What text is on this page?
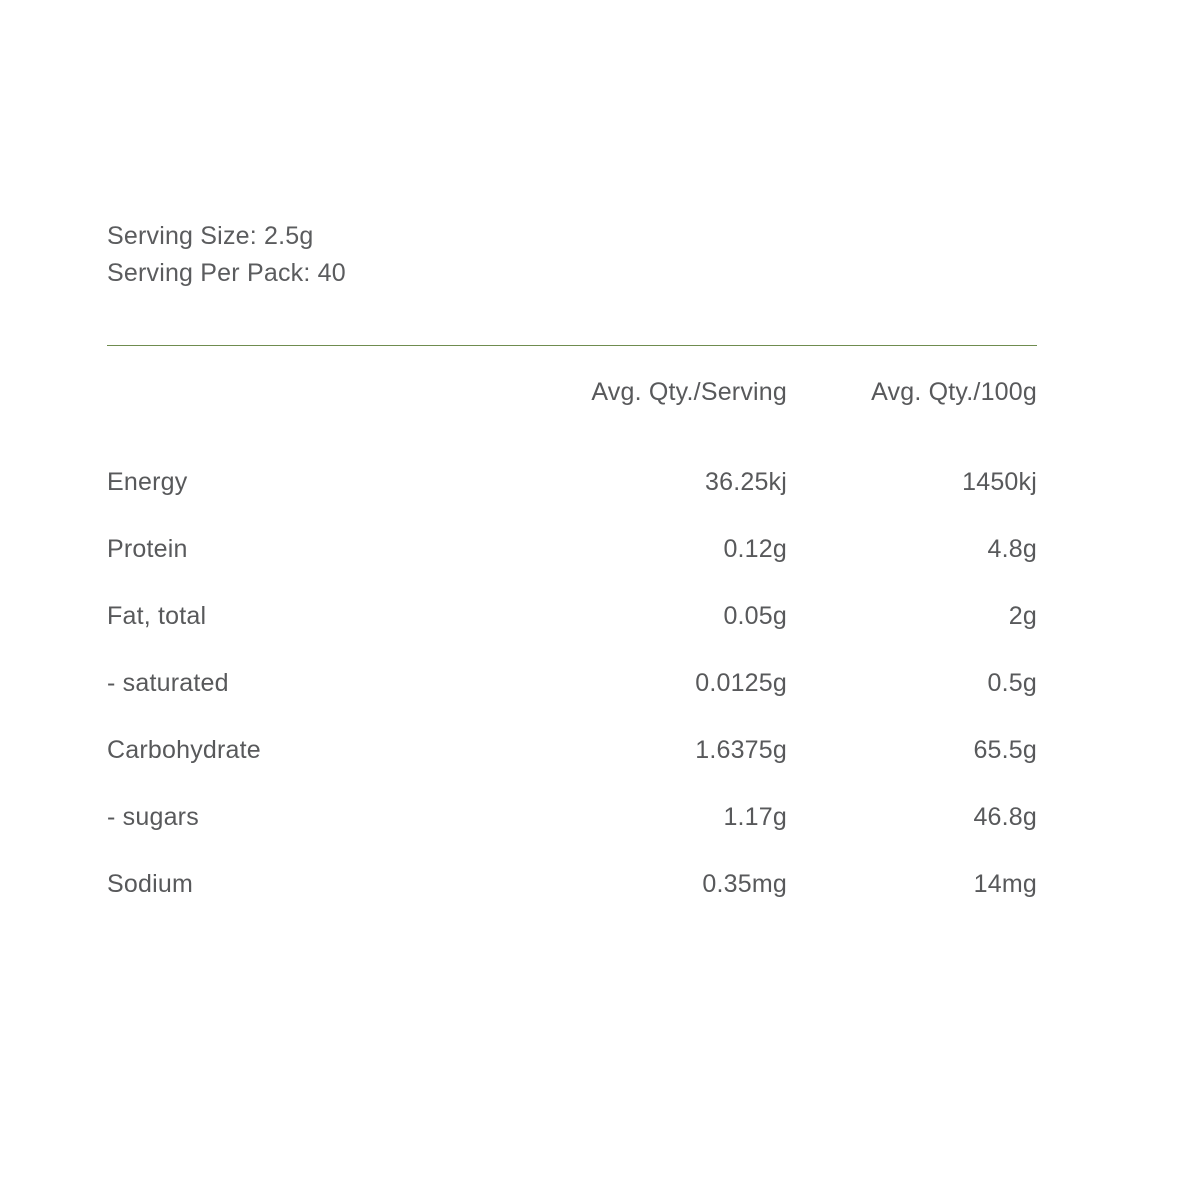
Serving Size: 2.5g
Serving Per Pack: 40
	Avg. Qty./Serving	Avg. Qty./100g
Energy	36.25kj	1450kj
Protein	0.12g	4.8g
Fat, total	0.05g	2g
- saturated	0.0125g	0.5g
Carbohydrate	1.6375g	65.5g
- sugars	1.17g	46.8g
Sodium	0.35mg	14mg
